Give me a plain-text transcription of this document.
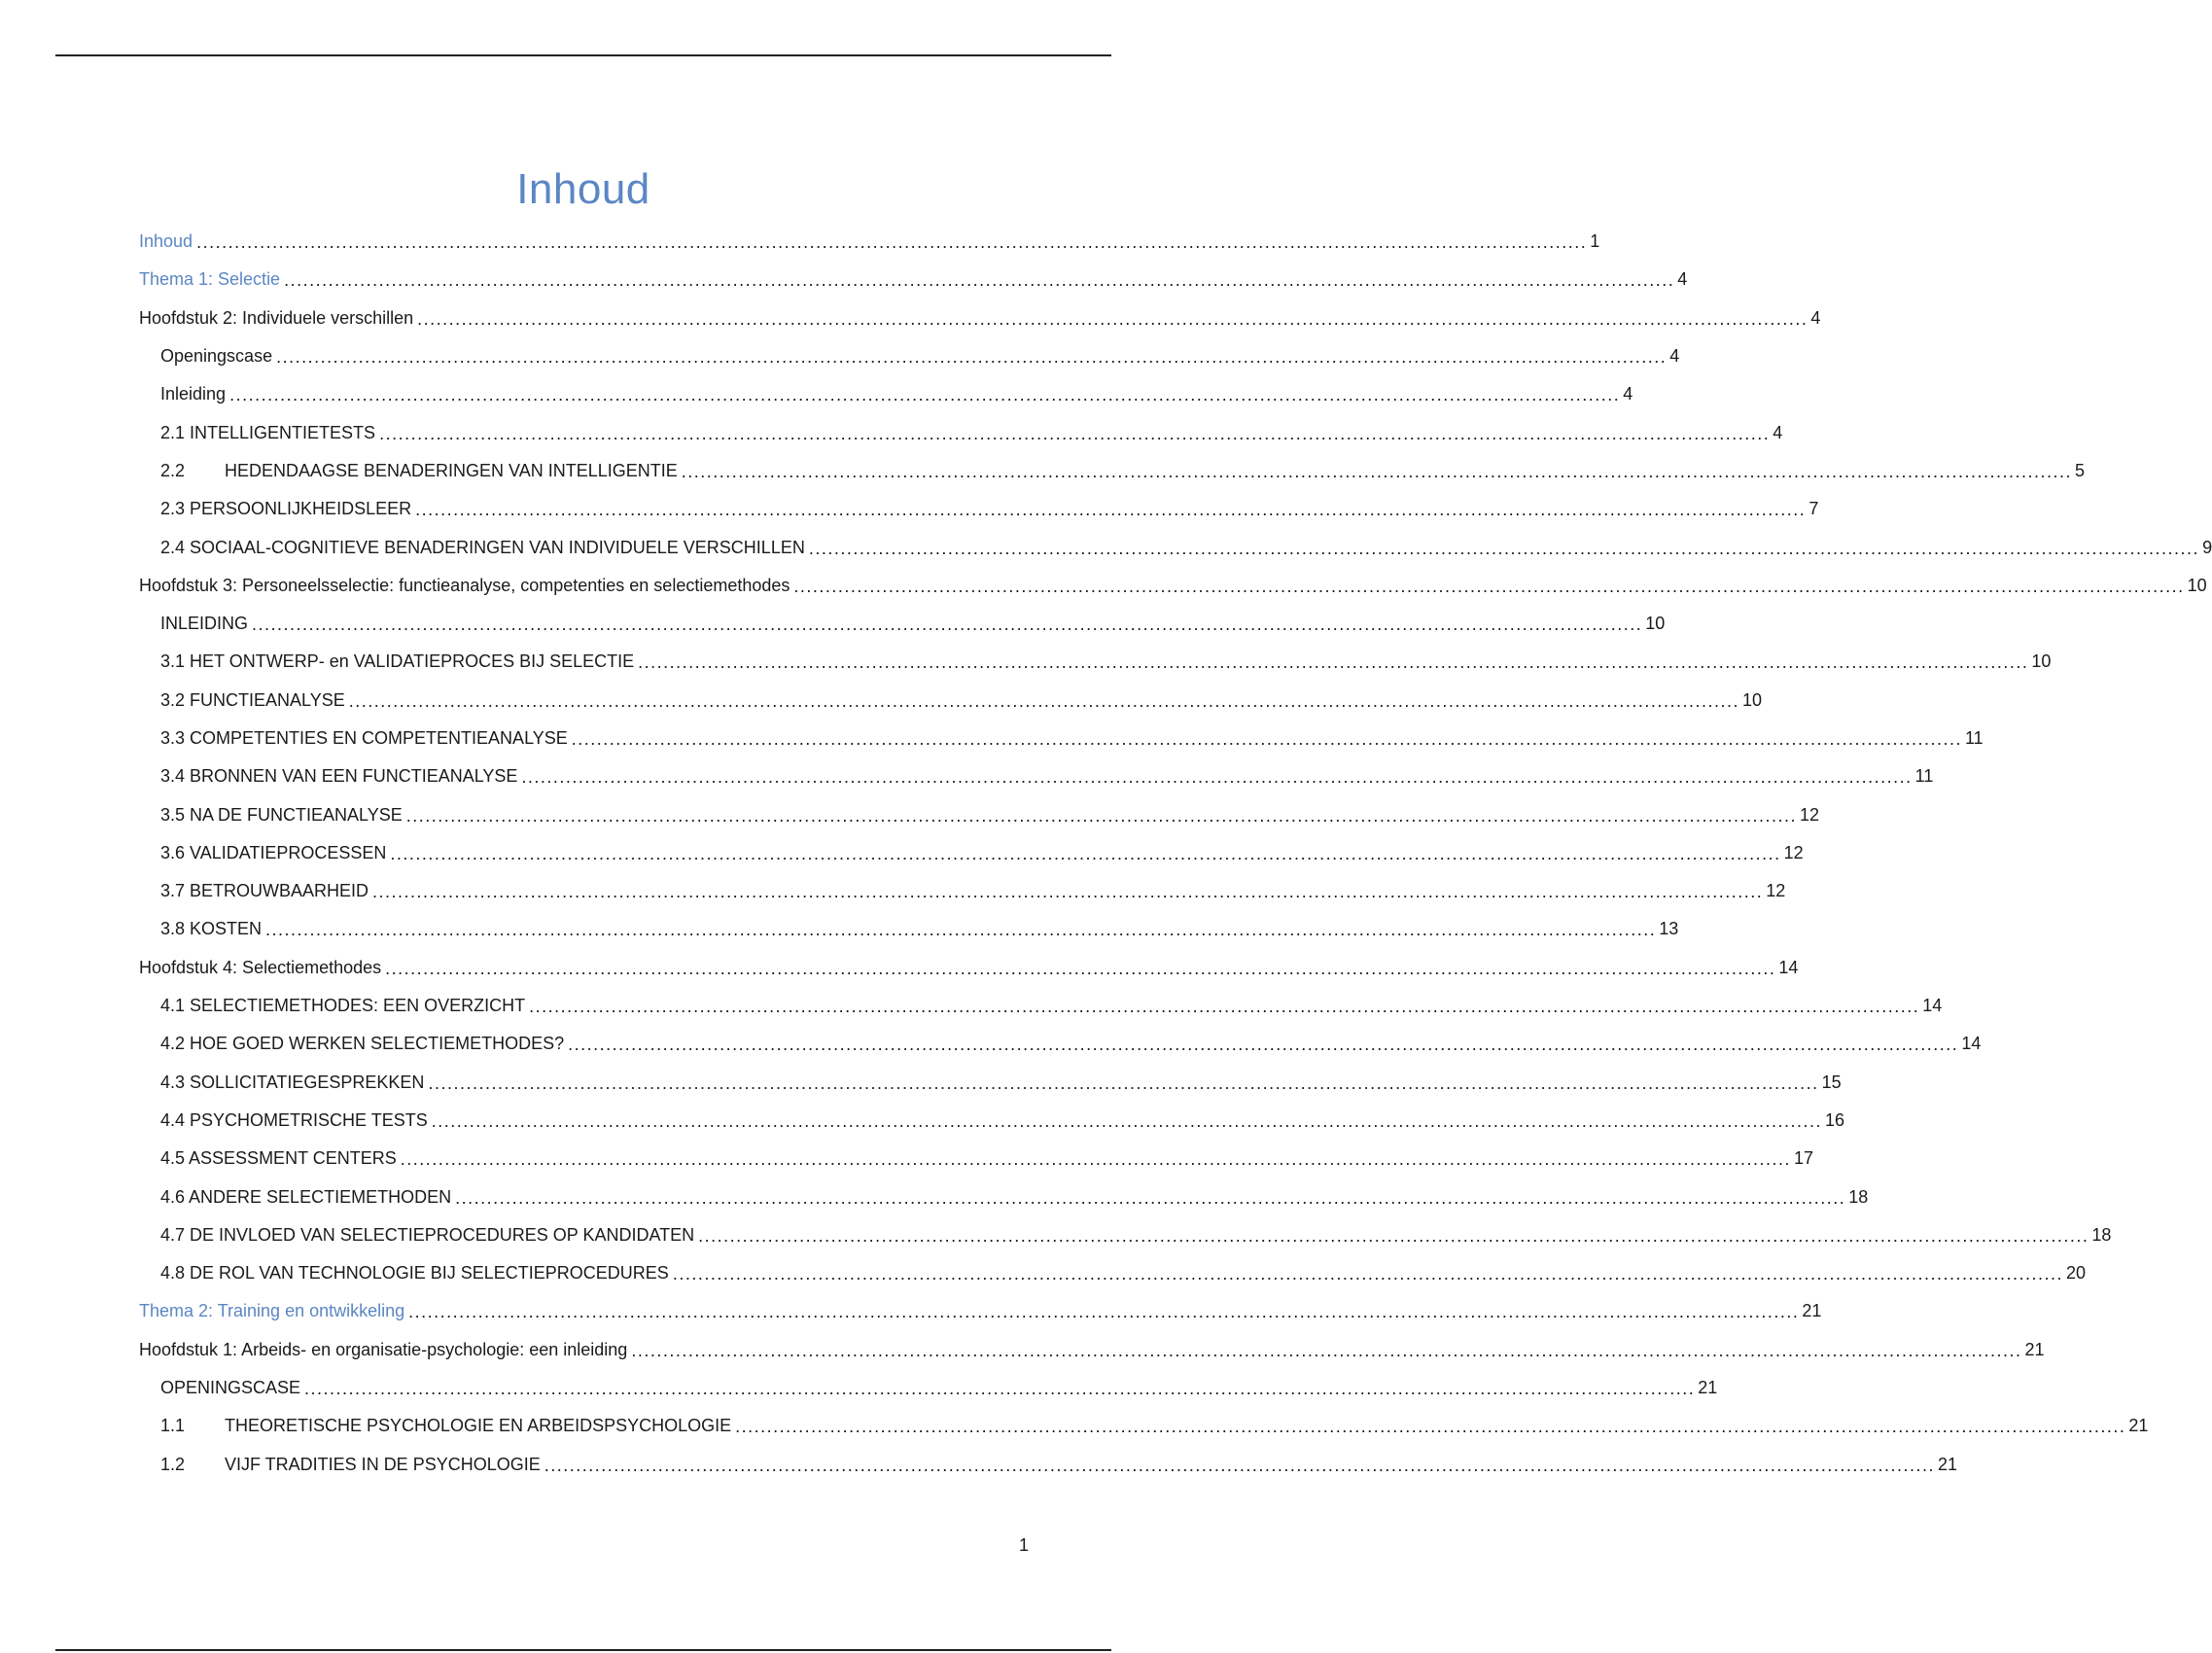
Inhoud
Inhoud ............................................................................................................................................................................................................................ 1
Thema 1: Selectie ............................................................................................................................................................................................................................ 4
Hoofdstuk 2: Individuele verschillen ............................................................................................................................................................................................................................ 4
Openingscase ............................................................................................................................................................................................................................ 4
Inleiding ............................................................................................................................................................................................................................ 4
2.1 INTELLIGENTIETESTS ............................................................................................................................................................................................................................ 4
2.2 HEDENDAAGSE BENADERINGEN VAN INTELLIGENTIE ............................................................................................................................................................................................................................ 5
2.3 PERSOONLIJKHEIDSLEER ............................................................................................................................................................................................................................ 7
2.4 SOCIAAL-COGNITIEVE BENADERINGEN VAN INDIVIDUELE VERSCHILLEN ............................................................................................................................................................................................................................ 9
Hoofdstuk 3: Personeelsselectie: functieanalyse, competenties en selectiemethodes ............................................................................................................................................................................................................................ 10
INLEIDING ............................................................................................................................................................................................................................ 10
3.1 HET ONTWERP- en VALIDATIEPROCES BIJ SELECTIE ............................................................................................................................................................................................................................ 10
3.2 FUNCTIEANALYSE ............................................................................................................................................................................................................................ 10
3.3 COMPETENTIES EN COMPETENTIEANALYSE ............................................................................................................................................................................................................................ 11
3.4 BRONNEN VAN EEN FUNCTIEANALYSE ............................................................................................................................................................................................................................ 11
3.5 NA DE FUNCTIEANALYSE ............................................................................................................................................................................................................................ 12
3.6 VALIDATIEPROCESSEN ............................................................................................................................................................................................................................ 12
3.7 BETROUWBAARHEID ............................................................................................................................................................................................................................ 12
3.8 KOSTEN ............................................................................................................................................................................................................................ 13
Hoofdstuk 4: Selectiemethodes ............................................................................................................................................................................................................................ 14
4.1 SELECTIEMETHODES: EEN OVERZICHT ............................................................................................................................................................................................................................ 14
4.2 HOE GOED WERKEN SELECTIEMETHODES? ............................................................................................................................................................................................................................ 14
4.3 SOLLICITATIEGESPREKKEN ............................................................................................................................................................................................................................ 15
4.4 PSYCHOMETRISCHE TESTS ............................................................................................................................................................................................................................ 16
4.5 ASSESSMENT CENTERS ............................................................................................................................................................................................................................ 17
4.6 ANDERE SELECTIEMETHODEN ............................................................................................................................................................................................................................ 18
4.7 DE INVLOED VAN SELECTIEPROCEDURES OP KANDIDATEN ............................................................................................................................................................................................................................ 18
4.8 DE ROL VAN TECHNOLOGIE BIJ SELECTIEPROCEDURES ............................................................................................................................................................................................................................ 20
Thema 2: Training en ontwikkeling ............................................................................................................................................................................................................................ 21
Hoofdstuk 1: Arbeids- en organisatie-psychologie: een inleiding ............................................................................................................................................................................................................................ 21
OPENINGSCASE ............................................................................................................................................................................................................................ 21
1.1 THEORETISCHE PSYCHOLOGIE EN ARBEIDSPSYCHOLOGIE ............................................................................................................................................................................................................................ 21
1.2 VIJF TRADITIES IN DE PSYCHOLOGIE ............................................................................................................................................................................................................................ 21
1
